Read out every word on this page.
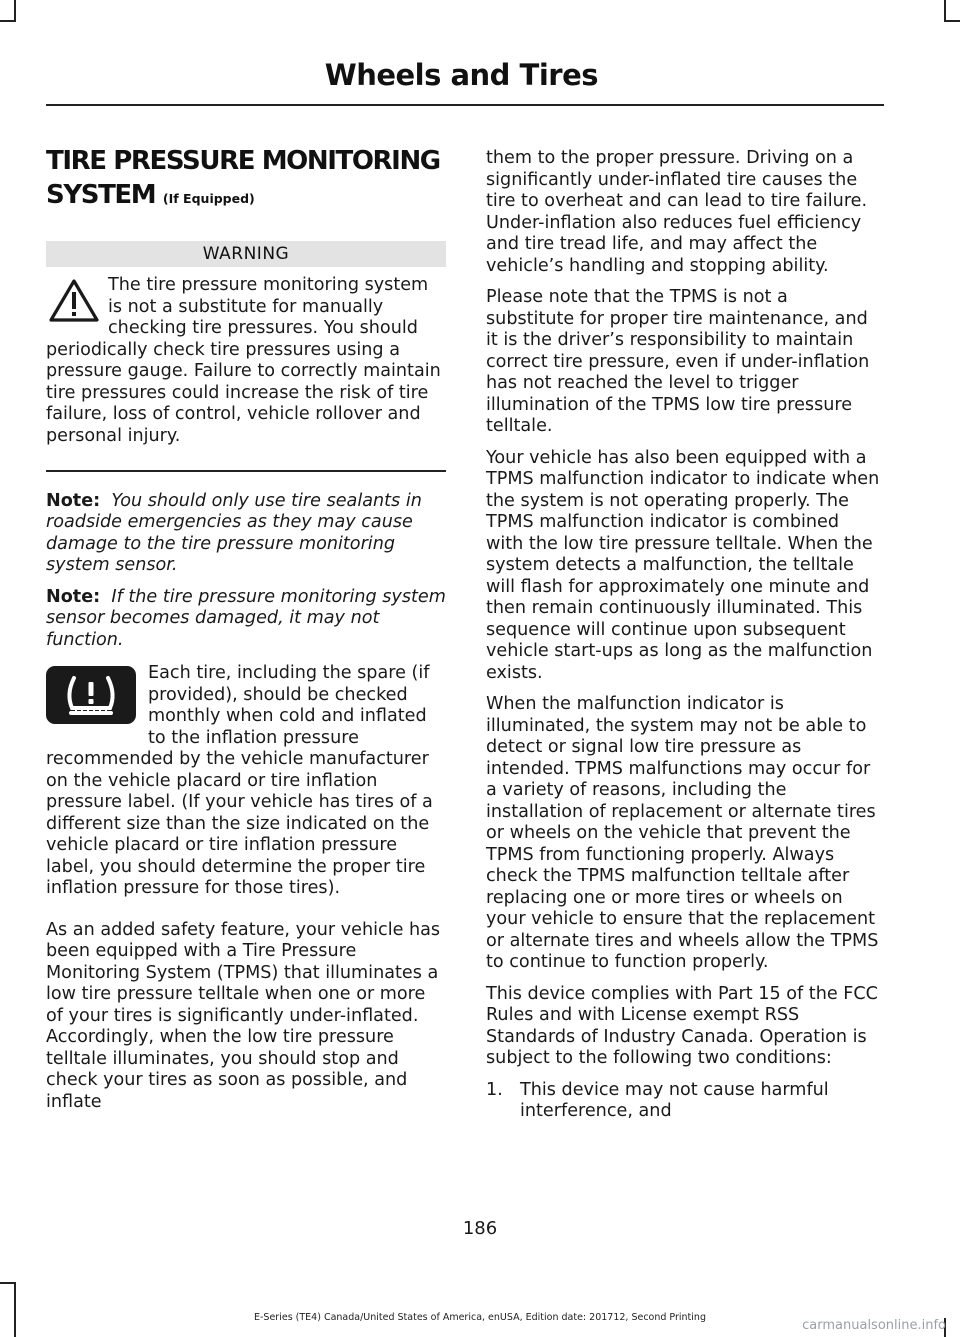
Wheels and Tires
TIRE PRESSURE MONITORING SYSTEM (If Equipped)
WARNING

The tire pressure monitoring system is not a substitute for manually checking tire pressures. You should periodically check tire pressures using a pressure gauge. Failure to correctly maintain tire pressures could increase the risk of tire failure, loss of control, vehicle rollover and personal injury.

Note: You should only use tire sealants in roadside emergencies as they may cause damage to the tire pressure monitoring system sensor.

Note: If the tire pressure monitoring system sensor becomes damaged, it may not function.

Each tire, including the spare (if provided), should be checked monthly when cold and inflated to the inflation pressure recommended by the vehicle manufacturer on the vehicle placard or tire inflation pressure label. (If your vehicle has tires of a different size than the size indicated on the vehicle placard or tire inflation pressure label, you should determine the proper tire inflation pressure for those tires).

As an added safety feature, your vehicle has been equipped with a Tire Pressure Monitoring System (TPMS) that illuminates a low tire pressure telltale when one or more of your tires is significantly under-inflated. Accordingly, when the low tire pressure telltale illuminates, you should stop and check your tires as soon as possible, and inflate

them to the proper pressure. Driving on a significantly under-inflated tire causes the tire to overheat and can lead to tire failure. Under-inflation also reduces fuel efficiency and tire tread life, and may affect the vehicle’s handling and stopping ability.

Please note that the TPMS is not a substitute for proper tire maintenance, and it is the driver’s responsibility to maintain correct tire pressure, even if under-inflation has not reached the level to trigger illumination of the TPMS low tire pressure telltale.

Your vehicle has also been equipped with a TPMS malfunction indicator to indicate when the system is not operating properly. The TPMS malfunction indicator is combined with the low tire pressure telltale. When the system detects a malfunction, the telltale will flash for approximately one minute and then remain continuously illuminated. This sequence will continue upon subsequent vehicle start-ups as long as the malfunction exists.

When the malfunction indicator is illuminated, the system may not be able to detect or signal low tire pressure as intended. TPMS malfunctions may occur for a variety of reasons, including the installation of replacement or alternate tires or wheels on the vehicle that prevent the TPMS from functioning properly. Always check the TPMS malfunction telltale after replacing one or more tires or wheels on your vehicle to ensure that the replacement or alternate tires and wheels allow the TPMS to continue to function properly.

This device complies with Part 15 of the FCC Rules and with License exempt RSS Standards of Industry Canada. Operation is subject to the following two conditions:

1. This device may not cause harmful interference, and
186
E-Series (TE4) Canada/United States of America, enUSA, Edition date: 201712, Second Printing
carmanualsonline.info
